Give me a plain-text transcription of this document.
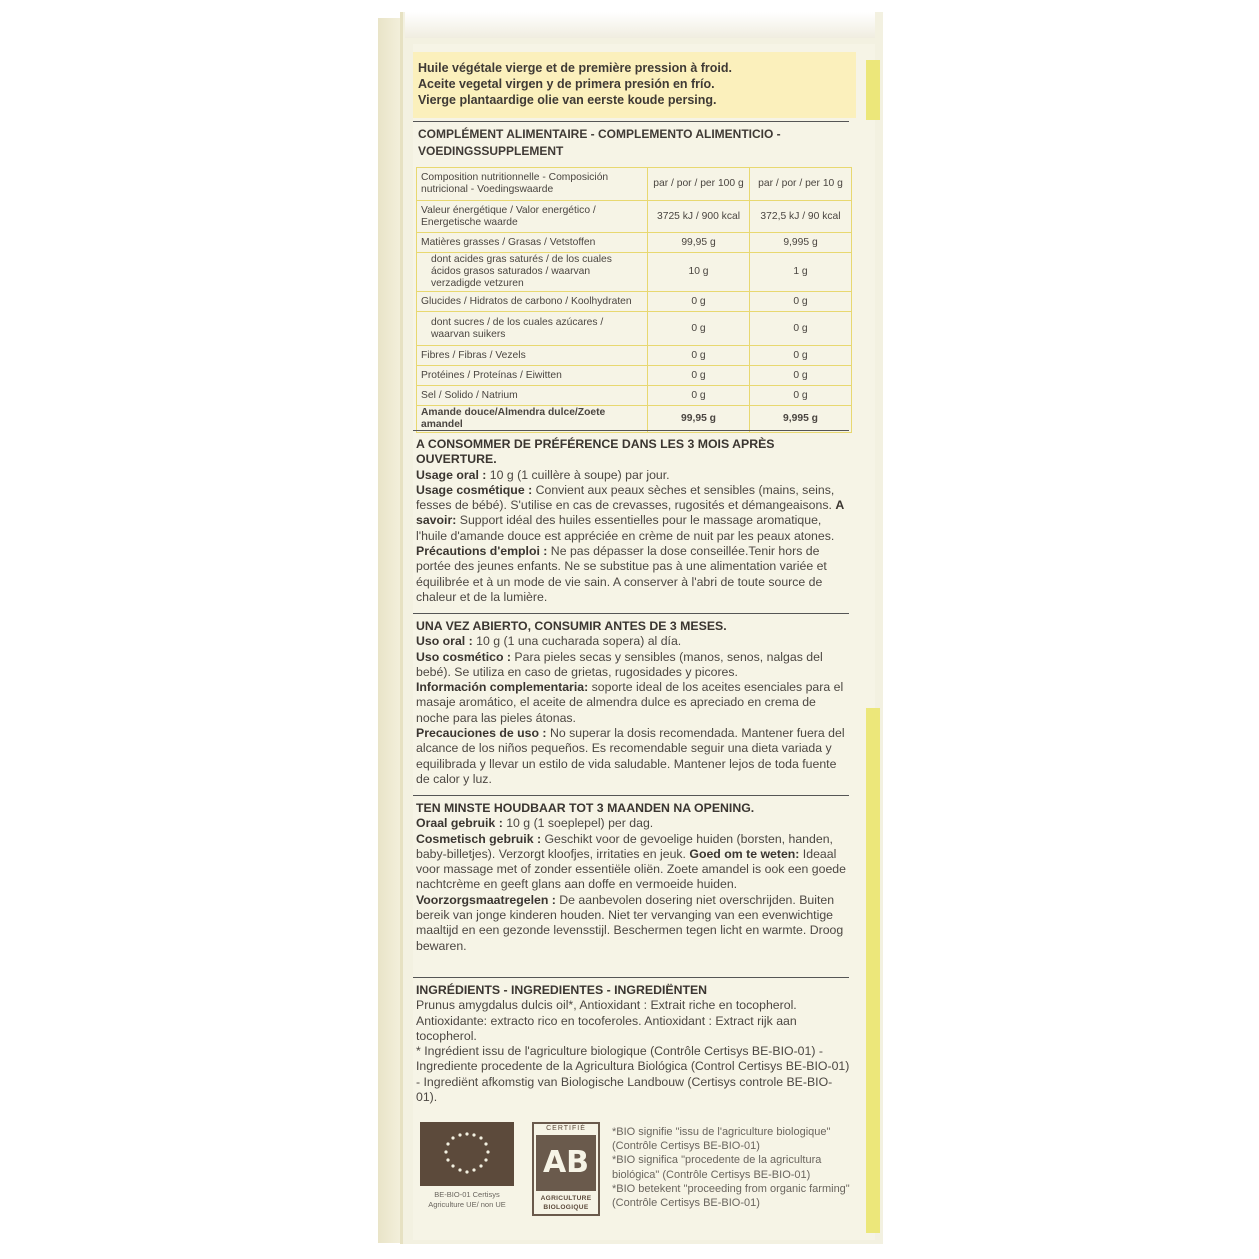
Huile végétale vierge et de première pression à froid.
Aceite vegetal virgen y de primera presión en frío.
Vierge plantaardige olie van eerste koude persing.
COMPLÉMENT ALIMENTAIRE - COMPLEMENTO ALIMENTICIO - VOEDINGSSUPPLEMENT
Composition nutritionnelle - Composición nutricional - Voedingswaarde	par / por / per 100 g	par / por / per 10 g
Valeur énergétique / Valor energético / Energetische waarde	3725 kJ / 900 kcal	372,5 kJ / 90 kcal
Matières grasses / Grasas / Vetstoffen	99,95 g	9,995 g
dont acides gras saturés / de los cuales ácidos grasos saturados / waarvan verzadigde vetzuren	10 g	1 g
Glucides / Hidratos de carbono / Koolhydraten	0 g	0 g
dont sucres / de los cuales azúcares / waarvan suikers	0 g	0 g
Fibres / Fibras / Vezels	0 g	0 g
Protéines / Proteínas / Eiwitten	0 g	0 g
Sel / Solido / Natrium	0 g	0 g
Amande douce/Almendra dulce/Zoete amandel	99,95 g	9,995 g

A CONSOMMER DE PRÉFÉRENCE DANS LES 3 MOIS APRÈS OUVERTURE.

Usage oral : 10 g (1 cuillère à soupe) par jour.

Usage cosmétique : Convient aux peaux sèches et sensibles (mains, seins, fesses de bébé). S'utilise en cas de crevasses, rugosités et démangeaisons. A savoir: Support idéal des huiles essentielles pour le massage aromatique, l'huile d'amande douce est appréciée en crème de nuit par les peaux atones.

Précautions d'emploi : Ne pas dépasser la dose conseillée.Tenir hors de portée des jeunes enfants. Ne se substitue pas à une alimentation variée et équilibrée et à un mode de vie sain. A conserver à l'abri de toute source de chaleur et de la lumière.

UNA VEZ ABIERTO, CONSUMIR ANTES DE 3 MESES.

Uso oral : 10 g (1 una cucharada sopera) al día.

Uso cosmético : Para pieles secas y sensibles (manos, senos, nalgas del bebé). Se utiliza en caso de grietas, rugosidades y picores.

Información complementaria: soporte ideal de los aceites esenciales para el masaje aromático, el aceite de almendra dulce es apreciado en crema de noche para las pieles átonas.

Precauciones de uso : No superar la dosis recomendada. Mantener fuera del alcance de los niños pequeños. Es recomendable seguir una dieta variada y equilibrada y llevar un estilo de vida saludable. Mantener lejos de toda fuente de calor y luz.

TEN MINSTE HOUDBAAR TOT 3 MAANDEN NA OPENING.

Oraal gebruik : 10 g (1 soeplepel) per dag.

Cosmetisch gebruik : Geschikt voor de gevoelige huiden (borsten, handen, baby-billetjes). Verzorgt kloofjes, irritaties en jeuk. Goed om te weten: Ideaal voor massage met of zonder essentiële oliën. Zoete amandel is ook een goede nachtcrème en geeft glans aan doffe en vermoeide huiden.

Voorzorgsmaatregelen : De aanbevolen dosering niet overschrijden. Buiten bereik van jonge kinderen houden. Niet ter vervanging van een evenwichtige maaltijd en een gezonde levensstijl. Beschermen tegen licht en warmte. Droog bewaren.

INGRÉDIENTS - INGREDIENTES - INGREDIËNTEN

Prunus amygdalus dulcis oil*, Antioxidant : Extrait riche en tocopherol. Antioxidante: extracto rico en tocoferoles. Antioxidant : Extract rijk aan tocopherol.

* Ingrédient issu de l'agriculture biologique (Contrôle Certisys BE-BIO-01) - Ingrediente procedente de la Agricultura Biológica (Control Certisys BE-BIO-01) - Ingrediënt afkomstig van Biologische Landbouw (Certisys controle BE-BIO-01).

BE-BIO-01 Certisys
Agriculture UE/ non UE
CERTIFIÉ
AB
AGRICULTURE
BIOLOGIQUE

*BIO signifie "issu de l'agriculture biologique" (Contrôle Certisys BE-BIO-01)

*BIO significa "procedente de la agricultura biológica" (Contrôle Certisys BE-BIO-01)

*BIO betekent "proceeding from organic farming" (Contrôle Certisys BE-BIO-01)
